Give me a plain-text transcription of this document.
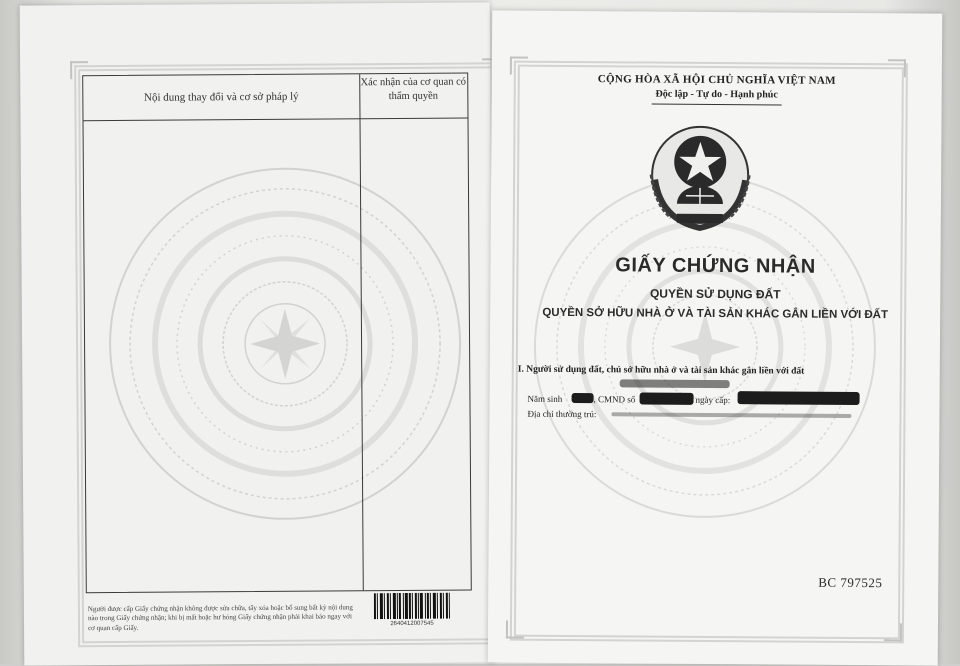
Nội dung thay đổi và cơ sở pháp lý
Xác nhận của cơ quan có thẩm quyền
Người được cấp Giấy chứng nhận không được sửa chữa, tẩy xóa hoặc bổ sung bất kỳ nội dung nào trong Giấy chứng nhận; khi bị mất hoặc hư hỏng Giấy chứng nhận phải khai báo ngay với cơ quan cấp Giấy.	2640412007545
CỘNG HÒA XÃ HỘI CHỦ NGHĨA VIỆT NAM
Độc lập - Tự do - Hạnh phúc
GIẤY CHỨNG NHẬN
QUYỀN SỬ DỤNG ĐẤT
QUYỀN SỞ HỮU NHÀ Ở VÀ TÀI SẢN KHÁC GẮN LIỀN VỚI ĐẤT
I. Người sử dụng đất, chủ sở hữu nhà ở và tài sản khác gắn liền với đất
Năm sinh	, CMND số	ngày cấp:
Địa chỉ thường trú:
BC 797525
